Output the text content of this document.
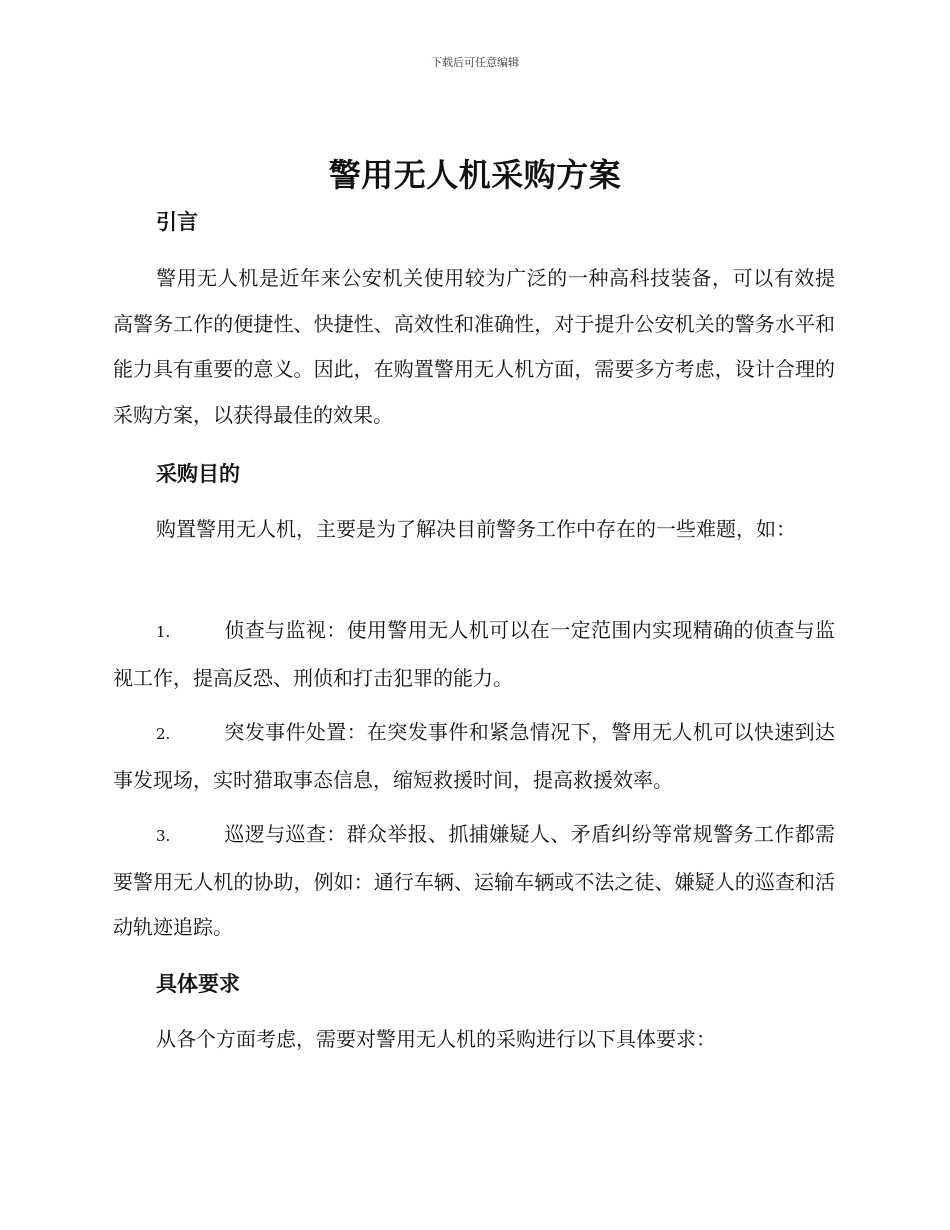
下载后可任意编辑
警用无人机采购方案
引言

警用无人机是近年来公安机关使用较为广泛的一种高科技装备，可以有效提高警务工作的便捷性、快捷性、高效性和准确性，对于提升公安机关的警务水平和能力具有重要的意义。因此，在购置警用无人机方面，需要多方考虑，设计合理的采购方案，以获得最佳的效果。

采购目的

购置警用无人机，主要是为了解决目前警务工作中存在的一些难题，如：

1.	侦查与监视：使用警用无人机可以在一定范围内实现精确的侦查与监视工作，提高反恐、刑侦和打击犯罪的能力。
2.	突发事件处置：在突发事件和紧急情况下，警用无人机可以快速到达事发现场，实时猎取事态信息，缩短救援时间，提高救援效率。
3.	巡逻与巡查：群众举报、抓捕嫌疑人、矛盾纠纷等常规警务工作都需要警用无人机的协助，例如：通行车辆、运输车辆或不法之徒、嫌疑人的巡查和活动轨迹追踪。
具体要求

从各个方面考虑，需要对警用无人机的采购进行以下具体要求：
